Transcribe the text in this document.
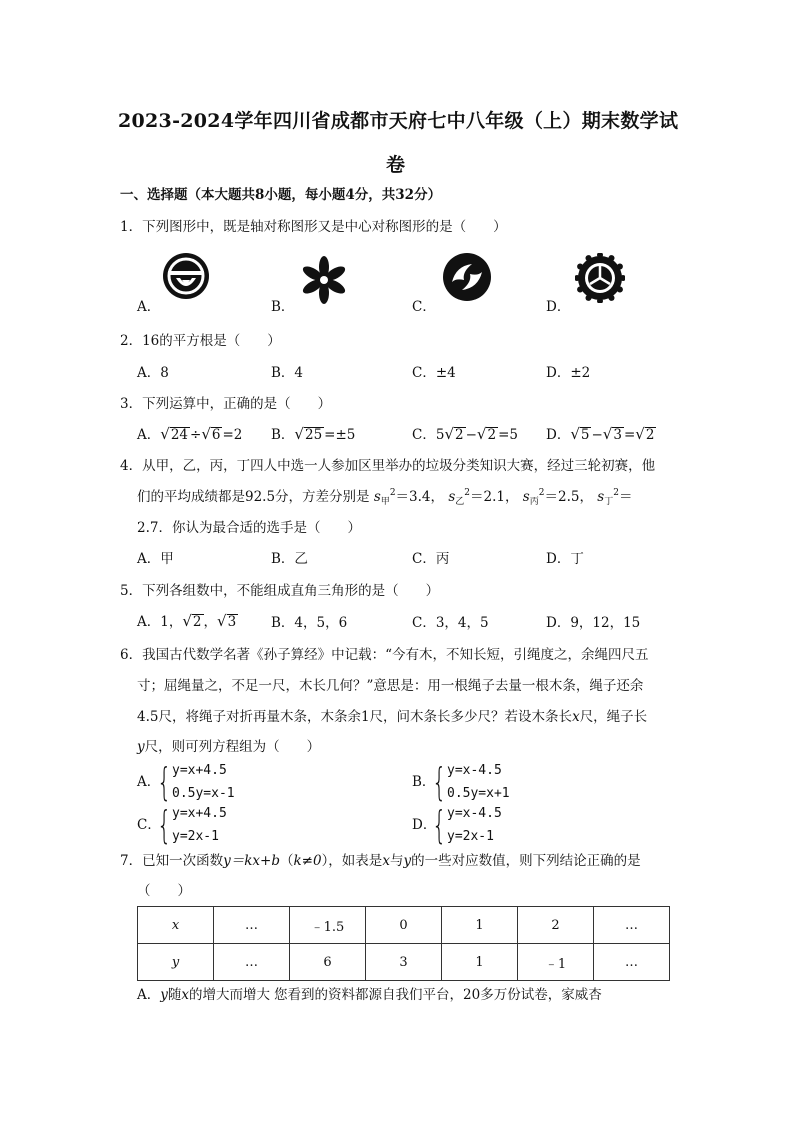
2023-2024学年四川省成都市天府七中八年级（上）期末数学试
卷
一、选择题（本大题共8小题，每小题4分，共32分）
1．下列图形中，既是轴对称图形又是中心对称图形的是（　　）
A．	B．	C．	D．
2．16的平方根是（　　）
A．8	B．4	C．±4	D．±2
3．下列运算中，正确的是（　　）
A．√24 ÷√6 =2 B．√25 =±5	C．5√2 −√2 =5 D．√5 −√3 =√2
4．从甲，乙，丙，丁四人中选一人参加区里举办的垃圾分类知识大赛，经过三轮初赛，他
们的平均成绩都是92.5分，方差分别是 $s_甲^2=3.4$， $s_乙^2=2.1$， $s_丙^2=2.5$， $s_丁^2=$
2.7．你认为最合适的选手是（　　）
A．甲	B．乙	C．丙	D．丁
5．下列各组数中，不能组成直角三角形的是（　　）
A．1，√2 ，√3	B．4，5，6	C．3，4，5	D．9，12，15
6．我国古代数学名著《孙子算经》中记载：“今有木，不知长短，引绳度之，余绳四尺五
寸；屈绳量之，不足一尺，木长几何？”意思是：用一根绳子去量一根木条，绳子还余
4.5尺，将绳子对折再量木条，木条余1尺，问木条长多少尺？若设木条长x尺，绳子长
y尺，则可列方程组为（　　）
A．
{ y=x+4.5
0.5y=x-1
B．
{ y=x-4.5
0.5y=x+1
C．
{ y=x+4.5
y=2x-1
D．
{ y=x-4.5
y=2x-1
7．已知一次函数y＝kx+b（k≠0），如表是x与y的一些对应数值，则下列结论正确的是
（　　）
x	…	﹣1.5	0	1	2	…
y	…	6	3	1	﹣1	…
A．y随x的增大而增大 您看到的资料都源自我们平台，20多万份试卷，家威杏
